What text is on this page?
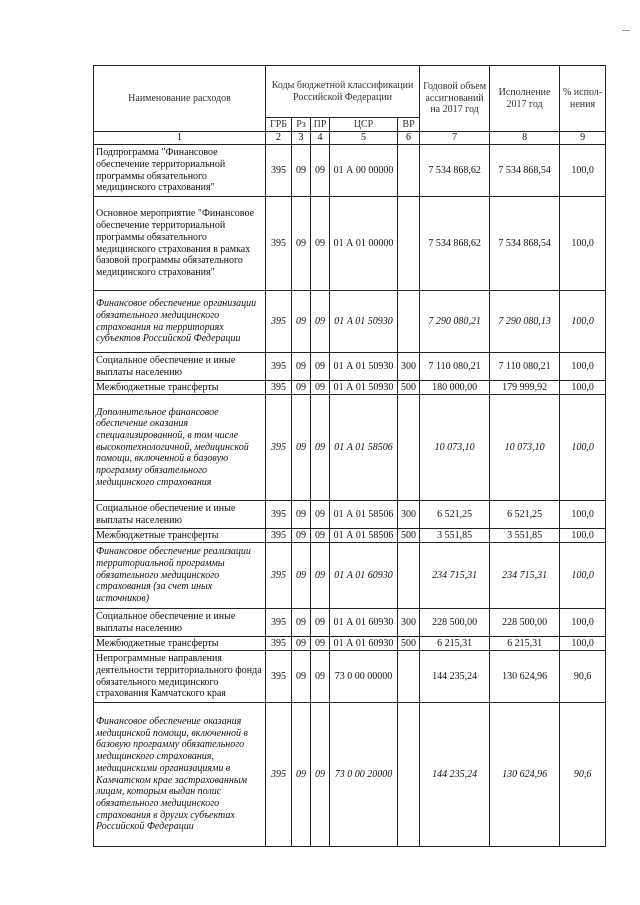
Наименование расходов	Коды бюджетной классификации Российской Федерации					Годовой объем ассигнований на 2017 год	Исполнение 2017 год	% испол-нения
	ГРБ	Рз	ПР	ЦСР	ВР			
1	2	3	4	5	6	7	8	9
Подпрограмма "Финансовое обеспечение территориальной программы обязательного медицинского страхования"	395	09	09	01 А 00 00000		7 534 868,62	7 534 868,54	100,0
Основное мероприятие "Финансовое обеспечение территориальной программы обязательного медицинского страхования в рамках базовой программы обязательного медицинского страхования"	395	09	09	01 А 01 00000		7 534 868,62	7 534 868,54	100,0
Финансовое обеспечение организации обязательного медицинского страхования на территориях субъектов Российской Федерации	395	09	09	01 А 01 50930		7 290 080,21	7 290 080,13	100,0
Социальное обеспечение и иные выплаты населению	395	09	09	01 А 01 50930	300	7 110 080,21	7 110 080,21	100,0
Межбюджетные трансферты	395	09	09	01 А 01 50930	500	180 000,00	179 999,92	100,0
Дополнительное финансовое обеспечение оказания специализированной, в том числе высокотехнологичной, медицинской помощи, включенной в базовую программу обязательного медицинского страхования	395	09	09	01 А 01 58506		10 073,10	10 073,10	100,0
Социальное обеспечение и иные выплаты населению	395	09	09	01 А 01 58506	300	6 521,25	6 521,25	100,0
Межбюджетные трансферты	395	09	09	01 А 01 58506	500	3 551,85	3 551,85	100,0
Финансовое обеспечение реализации территориальной программы обязательного медицинского страхования (за счет иных источников)	395	09	09	01 А 01 60930		234 715,31	234 715,31	100,0
Социальное обеспечение и иные выплаты населению	395	09	09	01 А 01 60930	300	228 500,00	228 500,00	100,0
Межбюджетные трансферты	395	09	09	01 А 01 60930	500	6 215,31	6 215,31	100,0
Непрограммные направления деятельности территориального фонда обязательного медицинского страхования Камчатского края	395	09	09	73 0 00 00000		144 235,24	130 624,96	90,6
Финансовое обеспечение оказания медицинской помощи, включенной в базовую программу обязательного медицинского страхования, медицинскими организациями в Камчатском крае застрахованным лицам, которым выдан полис обязательного медицинского страхования в других субъектах Российской Федерации	395	09	09	73 0 00 20000		144 235,24	130 624,96	90,6
